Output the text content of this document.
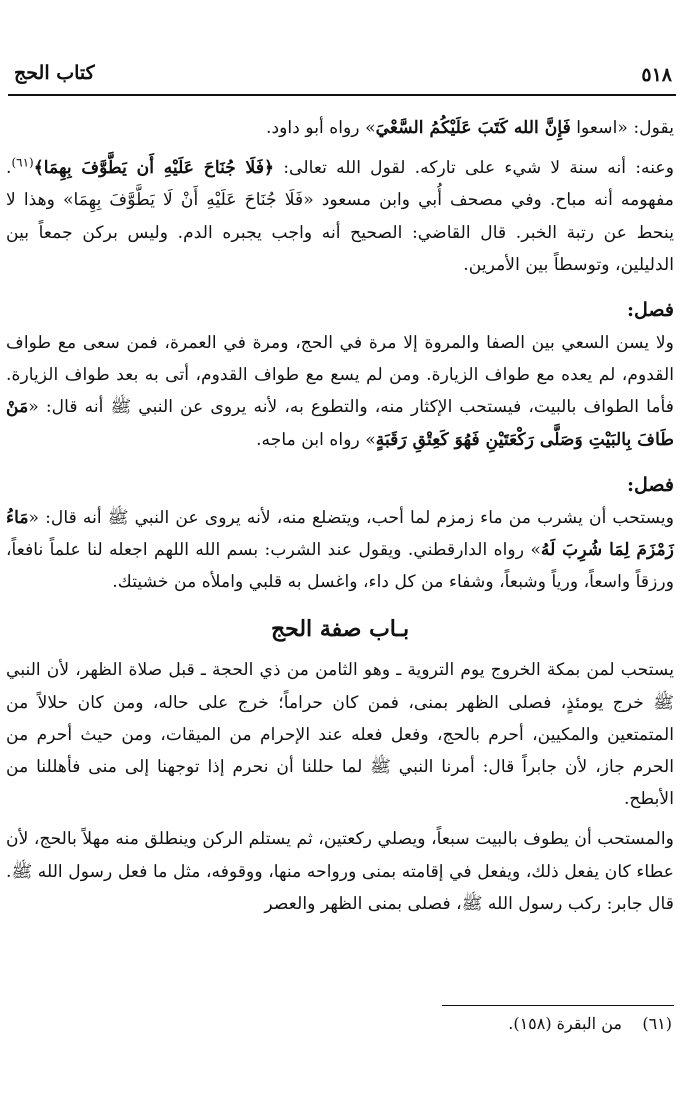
٥١٨
كتاب الحج

يقول: «اسعوا فَإِنَّ الله كَتَبَ عَلَيْكُمُ السَّعْيَ» رواه أبو داود.

وعنه: أنه سنة لا شيء على تاركه. لقول الله تعالى: ﴿فَلَا جُنَاحَ عَلَيْهِ أَن يَطَّوَّفَ بِهِمَا﴾$^{(٦١)}$. مفهومه أنه مباح. وفي مصحف أُبي وابن مسعود «فَلَا جُنَاحَ عَلَيْهِ أَنْ لَا يَطَّوَّفَ بِهِمَا» وهذا لا ينحط عن رتبة الخبر. قال القاضي: الصحيح أنه واجب يجبره الدم. وليس بركن جمعاً بين الدليلين، وتوسطاً بين الأمرين.

فصل:

ولا يسن السعي بين الصفا والمروة إلا مرة في الحج، ومرة في العمرة، فمن سعى مع طواف القدوم، لم يعده مع طواف الزيارة. ومن لم يسع مع طواف القدوم، أتى به بعد طواف الزيارة. فأما الطواف بالبيت، فيستحب الإكثار منه، والتطوع به، لأنه يروى عن النبي ﷺ أنه قال: «مَنْ طَافَ بِالبَيْتِ وَصَلَّى رَكْعَتَيْنِ فَهُوَ كَعِتْقِ رَقَبَةٍ» رواه ابن ماجه.

فصل:

ويستحب أن يشرب من ماء زمزم لما أحب، ويتضلع منه، لأنه يروى عن النبي ﷺ أنه قال: «مَاءُ زَمْزَمَ لِمَا شُرِبَ لَهُ» رواه الدارقطني. ويقول عند الشرب: بسم الله اللهم اجعله لنا علماً نافعاً، ورزقاً واسعاً، ورياً وشبعاً، وشفاء من كل داء، واغسل به قلبي واملأه من خشيتك.

بـاب صفة الحج

يستحب لمن بمكة الخروج يوم التروية ـ وهو الثامن من ذي الحجة ـ قبل صلاة الظهر، لأن النبي ﷺ خرج يومئذٍ، فصلى الظهر بمنى، فمن كان حراماً؛ خرج على حاله، ومن كان حلالاً من المتمتعين والمكيين، أحرم بالحج، وفعل فعله عند الإحرام من الميقات، ومن حيث أحرم من الحرم جاز، لأن جابراً قال: أمرنا النبي ﷺ لما حللنا أن نحرم إذا توجهنا إلى منى فأهللنا من الأبطح.

والمستحب أن يطوف بالبيت سبعاً، ويصلي ركعتين، ثم يستلم الركن وينطلق منه مهلاً بالحج، لأن عطاء كان يفعل ذلك، ويفعل في إقامته بمنى ورواحه منها، ووقوفه، مثل ما فعل رسول الله ﷺ. قال جابر: ركب رسول الله ﷺ، فصلى بمنى الظهر والعصر

(٦١)    من البقرة (١٥٨).
